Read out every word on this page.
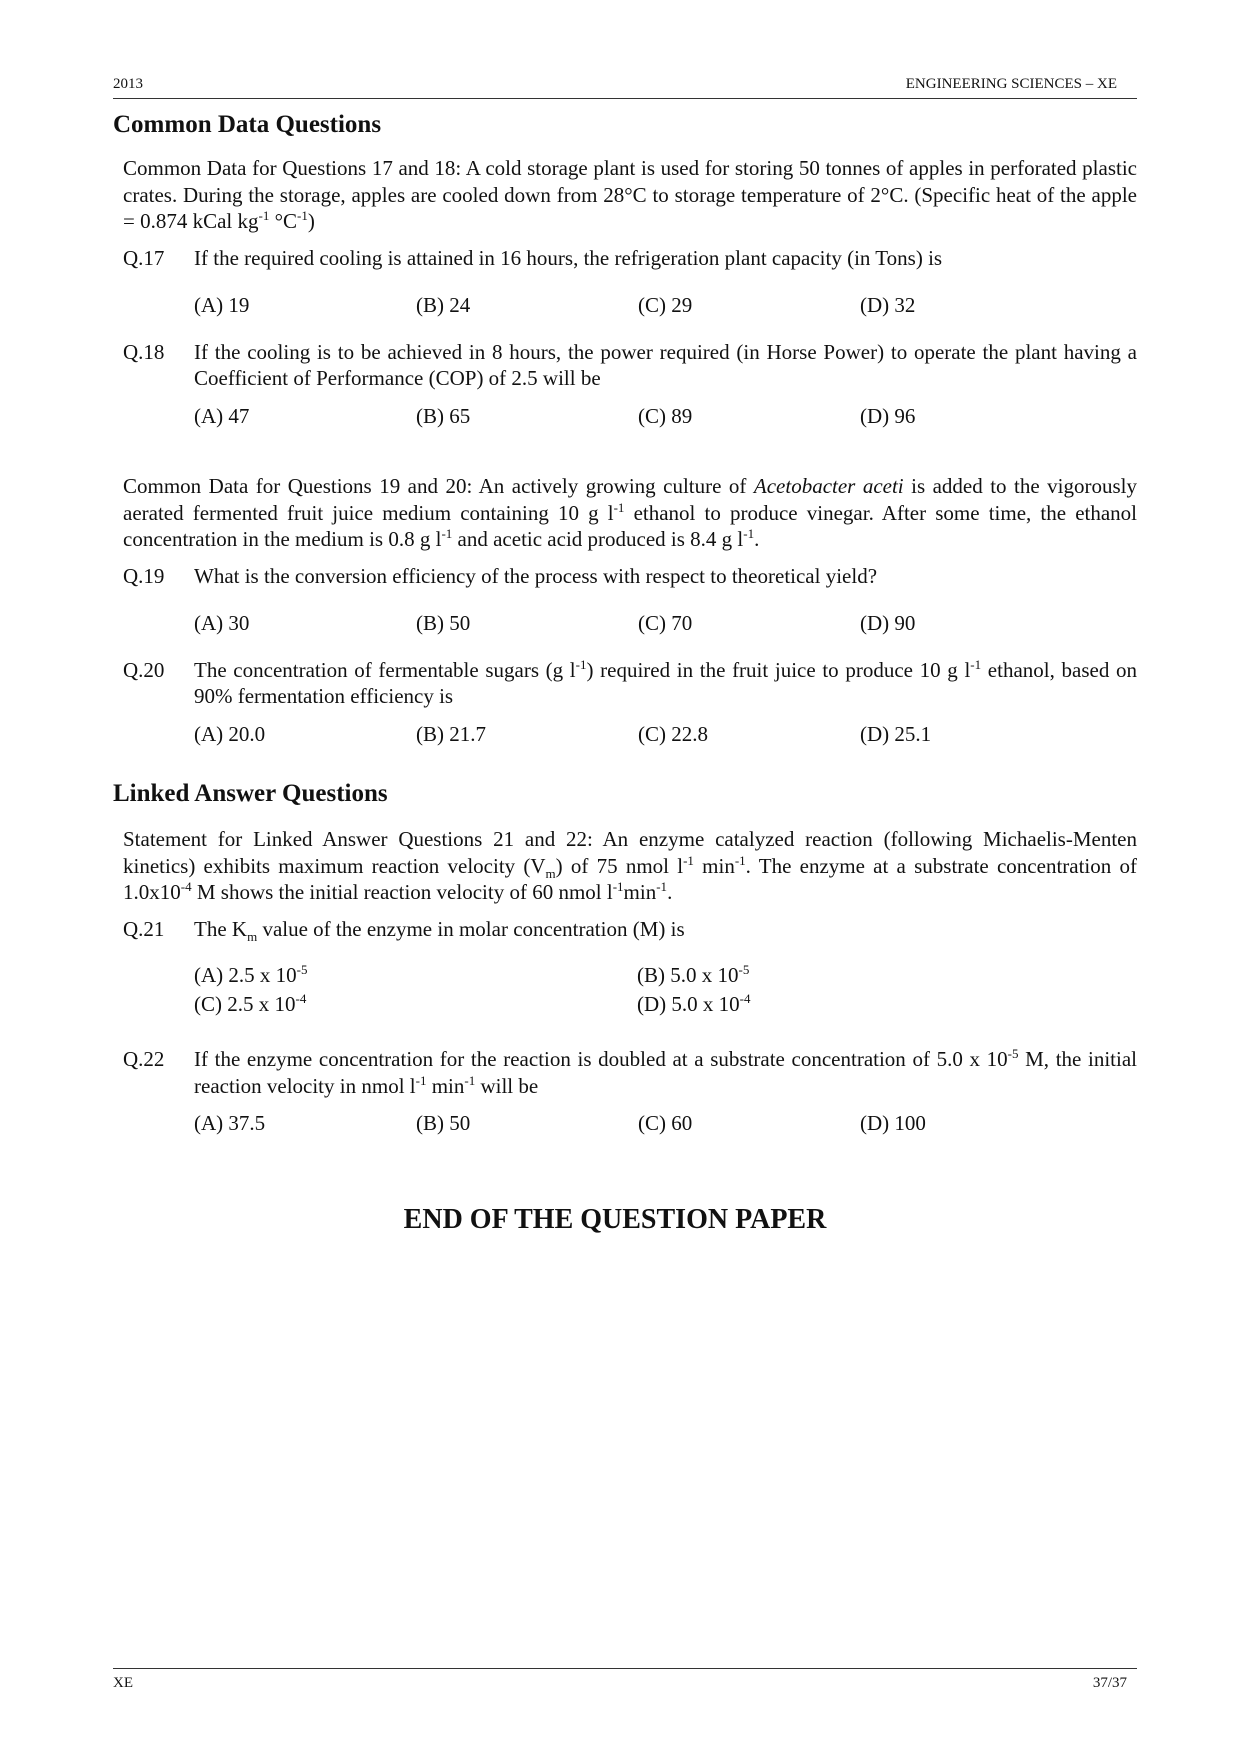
2013	ENGINEERING SCIENCES – XE
Common Data Questions
Common Data for Questions 17 and 18: A cold storage plant is used for storing 50 tonnes of apples in perforated plastic crates. During the storage, apples are cooled down from 28°C to storage temperature of 2°C. (Specific heat of the apple = 0.874 kCal $kg^{-1}$ $^\circ C^{-1}$)
Q.17	If the required cooling is attained in 16 hours, the refrigeration plant capacity (in Tons) is
(A) 19	(B) 24	(C) 29	(D) 32
Q.18	If the cooling is to be achieved in 8 hours, the power required (in Horse Power) to operate the plant having a Coefficient of Performance (COP) of 2.5 will be
(A) 47	(B) 65	(C) 89	(D) 96
Common Data for Questions 19 and 20: An actively growing culture of Acetobacter aceti is added to the vigorously aerated fermented fruit juice medium containing 10 g $l^{-1}$ ethanol to produce vinegar. After some time, the ethanol concentration in the medium is 0.8 g $l^{-1}$ and acetic acid produced is 8.4 g $l^{-1}$.
Q.19	What is the conversion efficiency of the process with respect to theoretical yield?
(A) 30	(B) 50	(C) 70	(D) 90
Q.20	The concentration of fermentable sugars (g $l^{-1}$) required in the fruit juice to produce 10 g $l^{-1}$ ethanol, based on 90% fermentation efficiency is
(A) 20.0	(B) 21.7	(C) 22.8	(D) 25.1
Linked Answer Questions
Statement for Linked Answer Questions 21 and 22: An enzyme catalyzed reaction (following Michaelis-Menten kinetics) exhibits maximum reaction velocity $(V_m)$ of 75 nmol $l^{-1}$ $\min^{-1}$. The enzyme at a substrate concentration of $1.0x10^{-4}$ M shows the initial reaction velocity of 60 nmol $l^{-1}\min^{-1}$.
Q.21	The $K_m$ value of the enzyme in molar concentration (M) is
(A) 2.5 x $10^{-5}$	(B) 5.0 x $10^{-5}$
(C) 2.5 x $10^{-4}$	(D) 5.0 x $10^{-4}$
Q.22	If the enzyme concentration for the reaction is doubled at a substrate concentration of 5.0 x $10^{-5}$ M, the initial reaction velocity in nmol $l^{-1}$ $\min^{-1}$ will be
(A) 37.5	(B) 50	(C) 60	(D) 100
END OF THE QUESTION PAPER
XE	37/37
